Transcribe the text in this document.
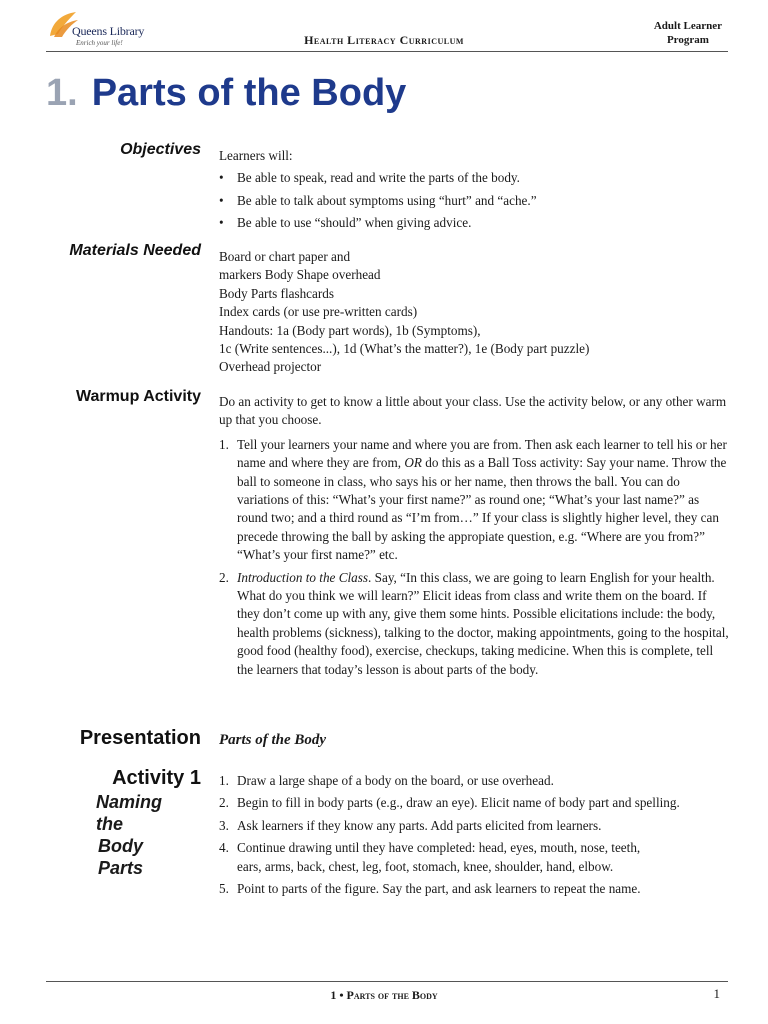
Queens Library
Enrich your life!	Health Literacy Curriculum
Adult Learner
Program
1. Parts of the Body
Objectives Learners will:
• Be able to speak, read and write the parts of the body.
• Be able to talk about symptoms using “hurt” and “ache.”
• Be able to use “should” when giving advice.
Materials Needed Board or chart paper and
markers Body Shape overhead
Body Parts flashcards
Index cards (or use pre-written cards)
Handouts: 1a (Body part words), 1b (Symptoms),
1c (Write sentences...), 1d (What’s the matter?), 1e (Body part puzzle)
Overhead projector
Warmup Activity Do an activity to get to know a little about your class. Use the activity below, or any other warm up that you choose.
1. Tell your learners your name and where you are from. Then ask each learner to tell his or her name and where they are from, OR do this as a Ball Toss activity: Say your name. Throw the ball to someone in class, who says his or her name, then throws the ball. You can do variations of this: “What’s your first name?” as round one; “What’s your last name?” as round two; and a third round as “I’m from…” If your class is slightly higher level, they can precede throwing the ball by asking the appropiate question, e.g. “Where are you from?” “What’s your first name?” etc.
2. Introduction to the Class. Say, “In this class, we are going to learn English for your health. What do you think we will learn?” Elicit ideas from class and write them on the board. If they don’t come up with any, give them some hints. Possible elicitations include: the body, health problems (sickness), talking to the doctor, making appointments, going to the hospital, good food (healthy food), exercise, checkups, taking medicine. When this is complete, tell the learners that today’s lesson is about parts of the body.
Presentation Parts of the Body
Activity 1
Naming
the
Body
Parts
1. Draw a large shape of a body on the board, or use overhead.
2. Begin to fill in body parts (e.g., draw an eye). Elicit name of body part and spelling.
3. Ask learners if they know any parts. Add parts elicited from learners.
4. Continue drawing until they have completed: head, eyes, mouth, nose, teeth, ears, arms, back, chest, leg, foot, stomach, knee, shoulder, hand, elbow.
5. Point to parts of the figure. Say the part, and ask learners to repeat the name.
1 • Parts of the Body	1
